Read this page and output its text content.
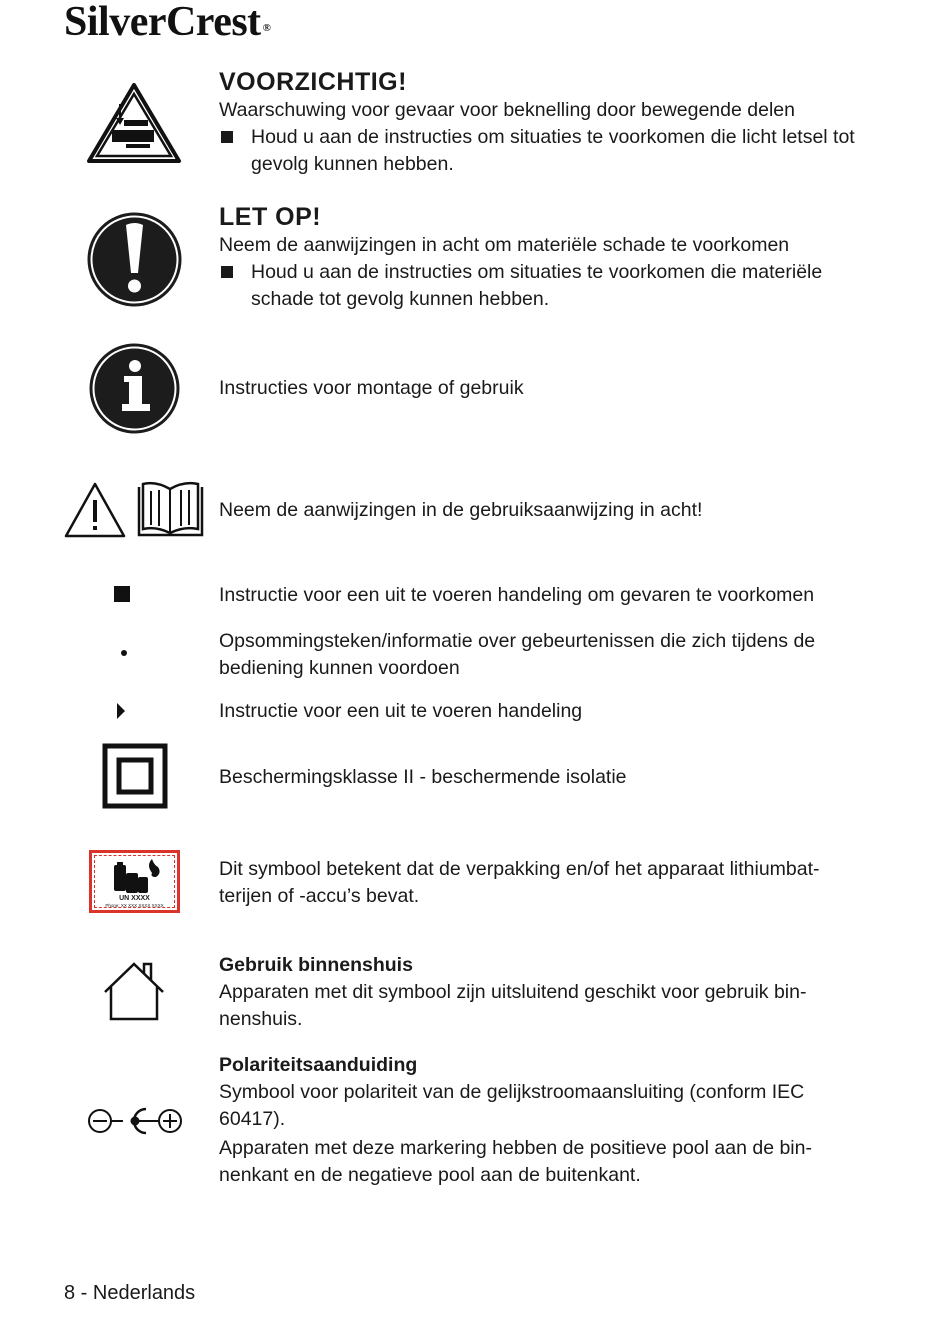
SilverCrest ®
VOORZICHTIG!
Waarschuwing voor gevaar voor beknelling door bewegende delen
Houd u aan de instructies om situaties te voorkomen die licht letsel tot gevolg kunnen hebben.
LET OP!
Neem de aanwijzingen in acht om materiële schade te voorkomen
Houd u aan de instructies om situaties te voorkomen die materiële schade tot gevolg kunnen hebben.
Instructies voor montage of gebruik
Neem de aanwijzingen in de gebruiksaanwijzing in acht!
Instructie voor een uit te voeren handeling om gevaren te voorkomen
Opsommingsteken/informatie over gebeurtenissen die zich tijdens de bediening kunnen voordoen
Instructie voor een uit te voeren handeling
Beschermingsklasse II - beschermende isolatie
UN XXXX
Phone: XX XXX XXXX XXXX
Dit symbool betekent dat de verpakking en/of het apparaat lithiumbat-terijen of -accu’s bevat.
Gebruik binnenshuis
Apparaten met dit symbool zijn uitsluitend geschikt voor gebruik bin-nenshuis.
Polariteitsaanduiding
Symbool voor polariteit van de gelijkstroomaansluiting (conform IEC 60417).
Apparaten met deze markering hebben de positieve pool aan de bin-nenkant en de negatieve pool aan de buitenkant.
8 - Nederlands
